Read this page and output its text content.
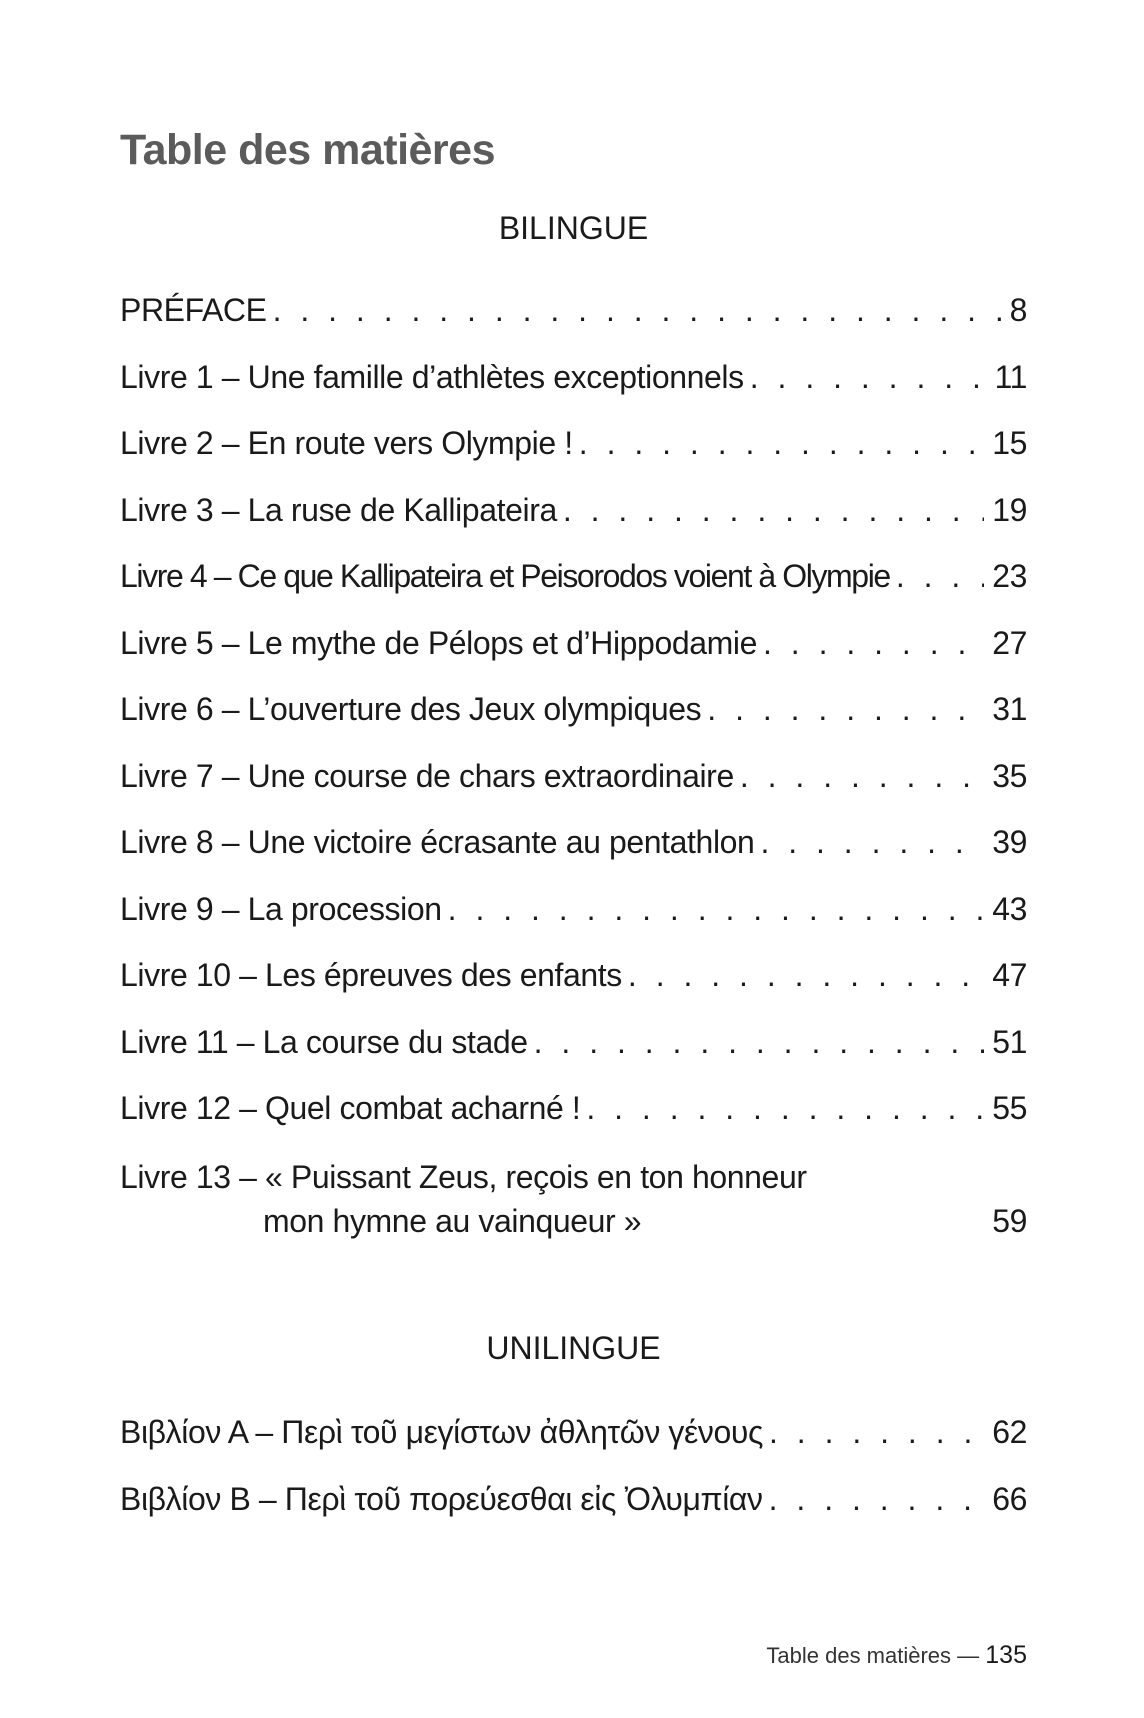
Table des matières
BILINGUE
PRÉFACE . . .	8
Livre 1 – Une famille d’athlètes exceptionnels . . .	11
Livre 2 – En route vers Olympie ! . . .	15
Livre 3 – La ruse de Kallipateira . . .	19
Livre 4 – Ce que Kallipateira et Peisorodos voient à Olympie . . .	23
Livre 5 – Le mythe de Pélops et d’Hippodamie . . .	27
Livre 6 – L’ouverture des Jeux olympiques . . .	31
Livre 7 – Une course de chars extraordinaire . . .	35
Livre 8 – Une victoire écrasante au pentathlon . . .	39
Livre 9 – La procession . . .	43
Livre 10 – Les épreuves des enfants . . .	47
Livre 11 – La course du stade . . .	51
Livre 12 – Quel combat acharné ! . . .	55
Livre 13 – « Puissant Zeus, reçois en ton honneur
mon hymne au vainqueur »	59
UNILINGUE
Βιβλίον Α – Περὶ τοῦ μεγίστων ἀθλητῶν γένους . . .	62
Βιβλίον Β – Περὶ τοῦ πορεύεσθαι εἰς Ὀλυμπίαν . . .	66
Table des matières — 135
